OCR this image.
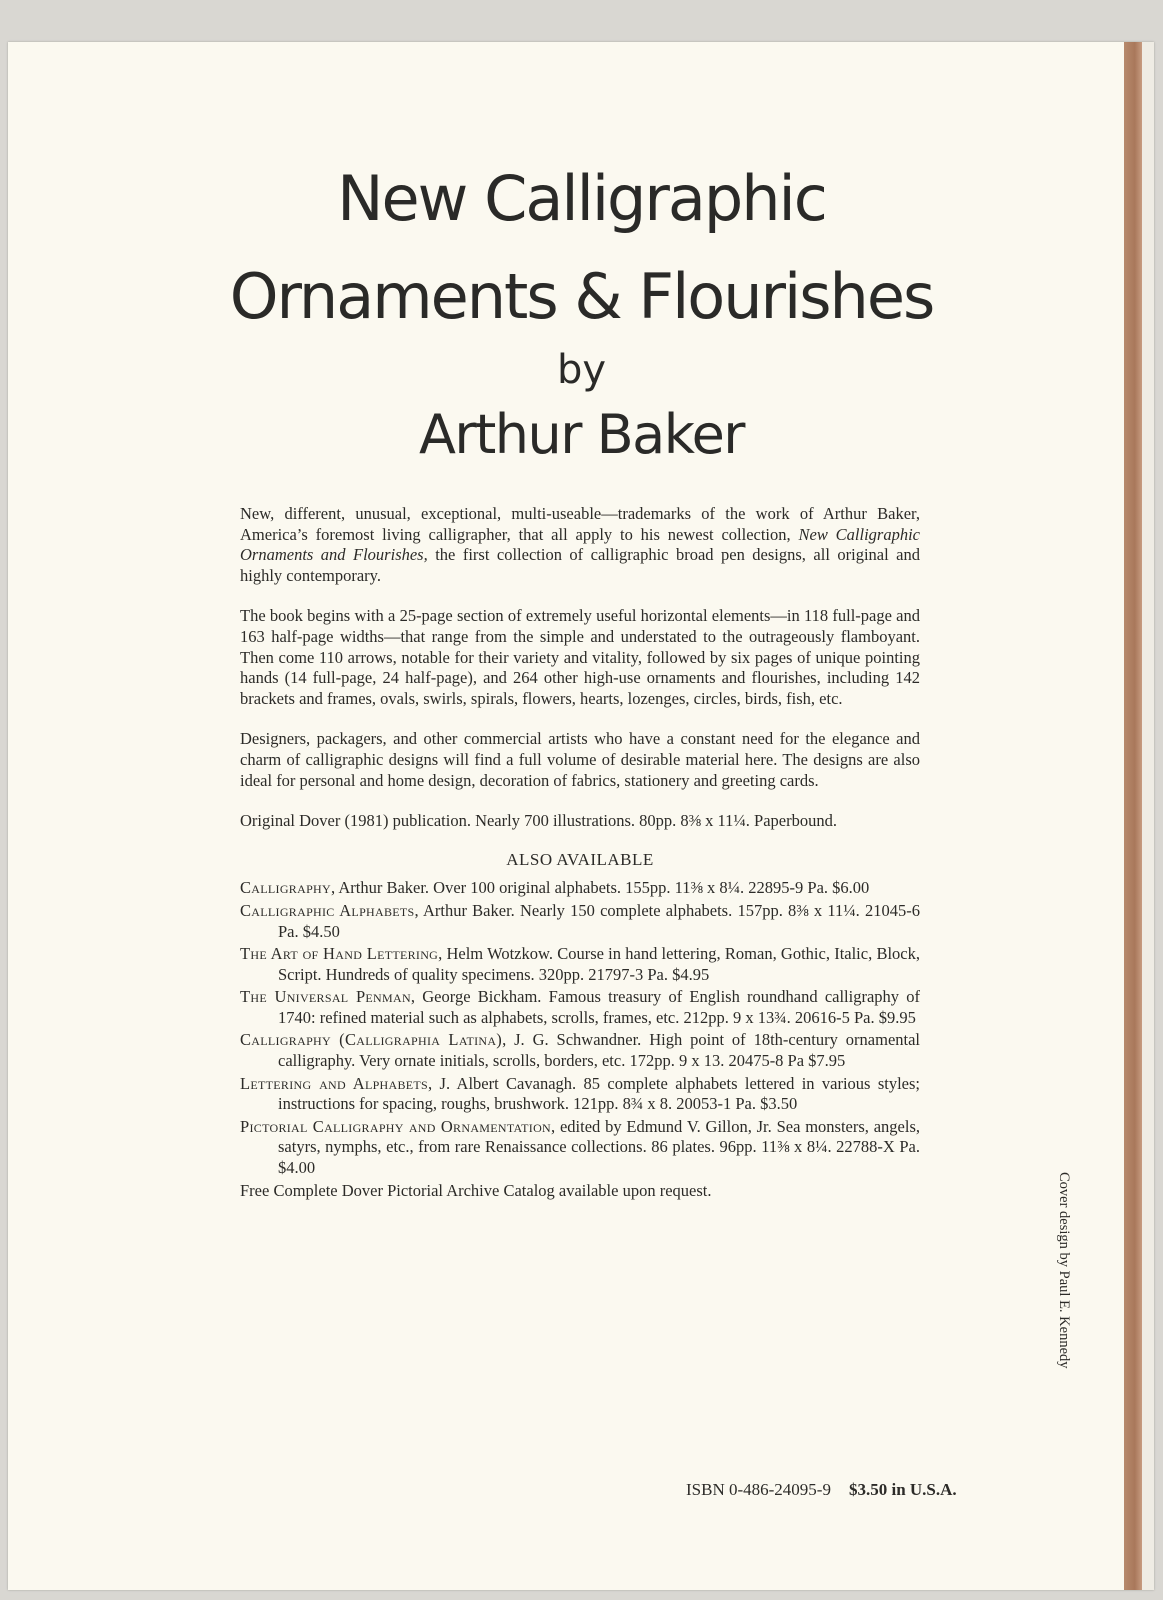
New Calligraphic
Ornaments & Flourishes
by
Arthur Baker

New, different, unusual, exceptional, multi-useable—trademarks of the work of Arthur Baker, America’s foremost living calligrapher, that all apply to his newest collection, New Calligraphic Ornaments and Flourishes, the first collection of calligraphic broad pen designs, all original and highly contemporary.

The book begins with a 25-page section of extremely useful horizontal elements—in 118 full-page and 163 half-page widths—that range from the simple and understated to the outrageously flamboyant. Then come 110 arrows, notable for their variety and vitality, followed by six pages of unique pointing hands (14 full-page, 24 half-page), and 264 other high-use ornaments and flourishes, including 142 brackets and frames, ovals, swirls, spirals, flowers, hearts, lozenges, circles, birds, fish, etc.

Designers, packagers, and other commercial artists who have a constant need for the elegance and charm of calligraphic designs will find a full volume of desirable material here. The designs are also ideal for personal and home design, decoration of fabrics, stationery and greeting cards.

Original Dover (1981) publication. Nearly 700 illustrations. 80pp. 8⅜ x 11¼. Paperbound.

ALSO AVAILABLE
Calligraphy, Arthur Baker. Over 100 original alphabets. 155pp. 11⅜ x 8¼. 22895-9 Pa. $6.00
Calligraphic Alphabets, Arthur Baker. Nearly 150 complete alphabets. 157pp. 8⅜ x 11¼. 21045-6 Pa. $4.50
The Art of Hand Lettering, Helm Wotzkow. Course in hand lettering, Roman, Gothic, Italic, Block, Script. Hundreds of quality specimens. 320pp. 21797-3 Pa. $4.95
The Universal Penman, George Bickham. Famous treasury of English roundhand calligraphy of 1740: refined material such as alphabets, scrolls, frames, etc. 212pp. 9 x 13¾. 20616-5 Pa. $9.95
Calligraphy (Calligraphia Latina), J. G. Schwandner. High point of 18th-century ornamental calligraphy. Very ornate initials, scrolls, borders, etc. 172pp. 9 x 13. 20475-8 Pa $7.95
Lettering and Alphabets, J. Albert Cavanagh. 85 complete alphabets lettered in various styles; instructions for spacing, roughs, brushwork. 121pp. 8¾ x 8. 20053-1 Pa. $3.50
Pictorial Calligraphy and Ornamentation, edited by Edmund V. Gillon, Jr. Sea monsters, angels, satyrs, nymphs, etc., from rare Renaissance collections. 86 plates. 96pp. 11⅜ x 8¼. 22788-X Pa. $4.00

Free Complete Dover Pictorial Archive Catalog available upon request.

ISBN 0-486-24095-9 $3.50 in U.S.A.
Cover design by Paul E. Kennedy
